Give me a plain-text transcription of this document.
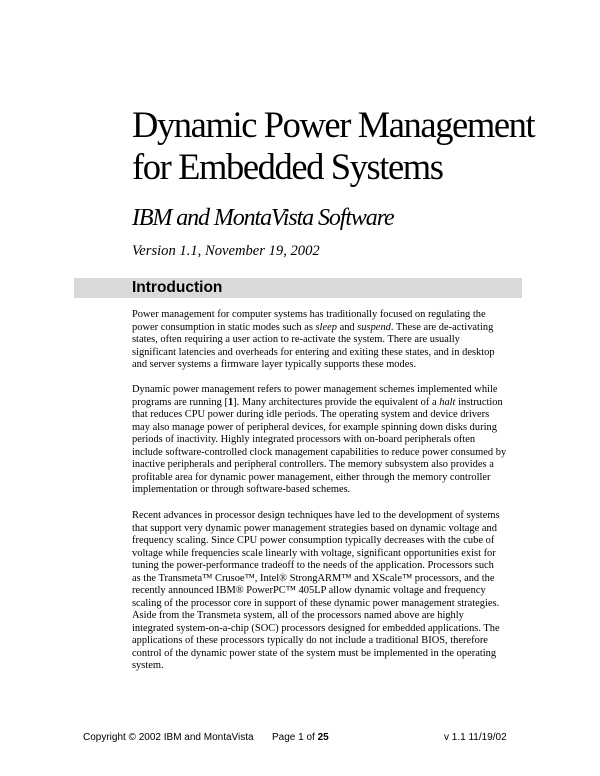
Dynamic Power Management
for Embedded Systems
IBM and MontaVista Software
Version 1.1, November 19, 2002
Introduction
Power management for computer systems has traditionally focused on regulating the
power consumption in static modes such as sleep and suspend. These are de-activating
states, often requiring a user action to re-activate the system. There are usually
significant latencies and overheads for entering and exiting these states, and in desktop
and server systems a firmware layer typically supports these modes.
Dynamic power management refers to power management schemes implemented while
programs are running [1]. Many architectures provide the equivalent of a halt instruction
that reduces CPU power during idle periods. The operating system and device drivers
may also manage power of peripheral devices, for example spinning down disks during
periods of inactivity. Highly integrated processors with on-board peripherals often
include software-controlled clock management capabilities to reduce power consumed by
inactive peripherals and peripheral controllers. The memory subsystem also provides a
profitable area for dynamic power management, either through the memory controller
implementation or through software-based schemes.
Recent advances in processor design techniques have led to the development of systems
that support very dynamic power management strategies based on dynamic voltage and
frequency scaling. Since CPU power consumption typically decreases with the cube of
voltage while frequencies scale linearly with voltage, significant opportunities exist for
tuning the power-performance tradeoff to the needs of the application. Processors such
as the Transmeta™ Crusoe™, Intel® StrongARM™ and XScale™ processors, and the
recently announced IBM® PowerPC™ 405LP allow dynamic voltage and frequency
scaling of the processor core in support of these dynamic power management strategies.
Aside from the Transmeta system, all of the processors named above are highly
integrated system-on-a-chip (SOC) processors designed for embedded applications. The
applications of these processors typically do not include a traditional BIOS, therefore
control of the dynamic power state of the system must be implemented in the operating
system.
Copyright © 2002 IBM and MontaVista Page 1 of 25	v 1.1 11/19/02
